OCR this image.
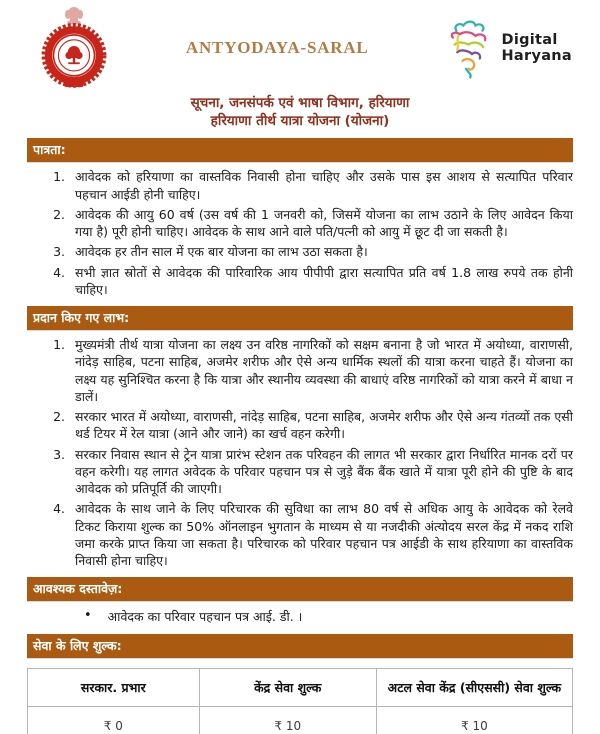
ANTYODAYA-SARAL	Digital
Haryana
सूचना, जनसंपर्क एवं भाषा विभाग, हरियाणा
हरियाणा तीर्थ यात्रा योजना (योजना)
पात्रता:
1. आवेदक को हरियाणा का वास्तविक निवासी होना चाहिए और उसके पास इस आशय से सत्यापित परिवार पहचान आईडी होनी चाहिए।
2. आवेदक की आयु 60 वर्ष (उस वर्ष की 1 जनवरी को, जिसमें योजना का लाभ उठाने के लिए आवेदन किया गया है) पूरी होनी चाहिए। आवेदक के साथ आने वाले पति/पत्नी को आयु में छूट दी जा सकती है।
3. आवेदक हर तीन साल में एक बार योजना का लाभ उठा सकता है।
4. सभी ज्ञात स्रोतों से आवेदक की पारिवारिक आय पीपीपी द्वारा सत्यापित प्रति वर्ष 1.8 लाख रुपये तक होनी चाहिए।
प्रदान किए गए लाभ:
1. मुख्यमंत्री तीर्थ यात्रा योजना का लक्ष्य उन वरिष्ठ नागरिकों को सक्षम बनाना है जो भारत में अयोध्या, वाराणसी, नांदेड़ साहिब, पटना साहिब, अजमेर शरीफ और ऐसे अन्य धार्मिक स्थलों की यात्रा करना चाहते हैं। योजना का लक्ष्य यह सुनिश्चित करना है कि यात्रा और स्थानीय व्यवस्था की बाधाएं वरिष्ठ नागरिकों को यात्रा करने में बाधा न डालें।
2. सरकार भारत में अयोध्या, वाराणसी, नांदेड़ साहिब, पटना साहिब, अजमेर शरीफ और ऐसे अन्य गंतव्यों तक एसी थर्ड टियर में रेल यात्रा (आने और जाने) का खर्च वहन करेगी।
3. सरकार निवास स्थान से ट्रेन यात्रा प्रारंभ स्टेशन तक परिवहन की लागत भी सरकार द्वारा निर्धारित मानक दरों पर वहन करेगी। यह लागत अवेदक के परिवार पहचान पत्र से जुड़े बैंक बैंक खाते में यात्रा पूरी होने की पुष्टि के बाद आवेदक को प्रतिपूर्ति की जाएगी।
4. आवेदक के साथ जाने के लिए परिचारक की सुविधा का लाभ 80 वर्ष से अधिक आयु के आवेदक को रेलवे टिकट किराया शुल्क का 50% ऑनलाइन भुगतान के माध्यम से या नजदीकी अंत्योदय सरल केंद्र में नकद राशि जमा करके प्राप्त किया जा सकता है। परिचारक को परिवार पहचान पत्र आईडी के साथ हरियाणा का वास्तविक निवासी होना चाहिए।
आवश्यक दस्तावेज़:
• आवेदक का परिवार पहचान पत्र आई. डी. ।
सेवा के लिए शुल्क:
सरकार. प्रभार	केंद्र सेवा शुल्क	अटल सेवा केंद्र (सीएससी) सेवा शुल्क
₹ 0	₹ 10	₹ 10
